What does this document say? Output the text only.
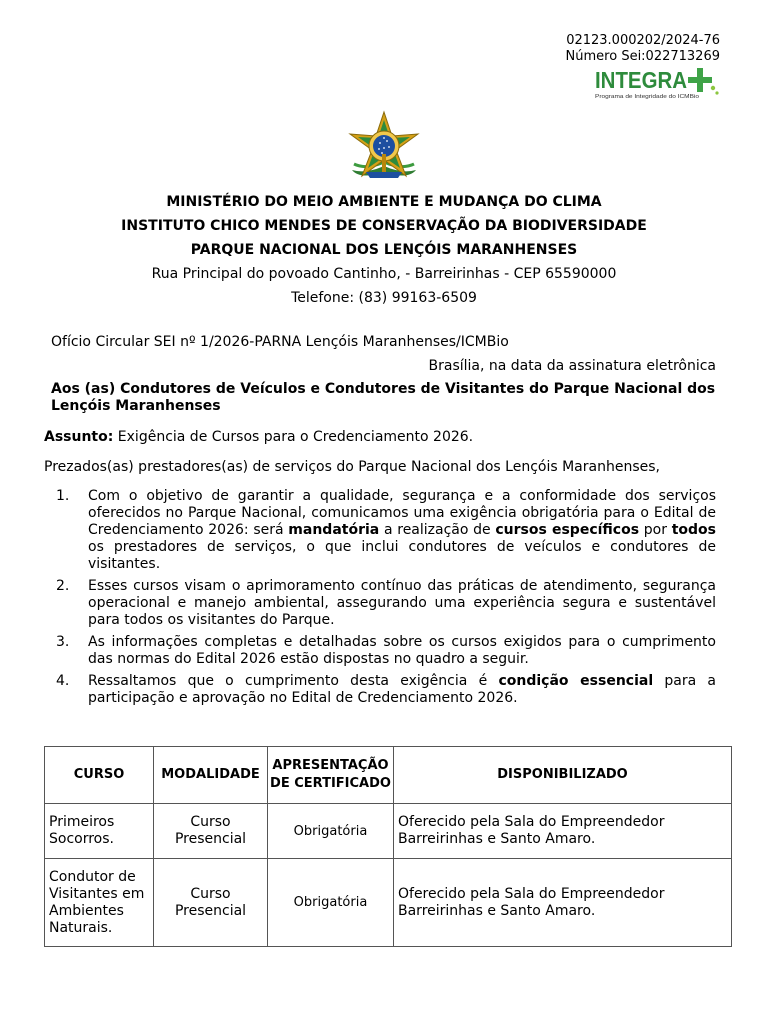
02123.000202/2024-76
Número Sei:022713269
INTEGRA
Programa de Integridade do ICMBio
MINISTÉRIO DO MEIO AMBIENTE E MUDANÇA DO CLIMA
INSTITUTO CHICO MENDES DE CONSERVAÇÃO DA BIODIVERSIDADE
PARQUE NACIONAL DOS LENÇÓIS MARANHENSES
Rua Principal do povoado Cantinho, - Barreirinhas - CEP 65590000
Telefone: (83) 99163-6509
Ofício Circular SEI nº 1/2026-PARNA Lençóis Maranhenses/ICMBio
Brasília, na data da assinatura eletrônica
Aos (as) Condutores de Veículos e Condutores de Visitantes do Parque Nacional dos Lençóis Maranhenses
Assunto: Exigência de Cursos para o Credenciamento 2026.
Prezados(as) prestadores(as) de serviços do Parque Nacional dos Lençóis Maranhenses,
1. Com o objetivo de garantir a qualidade, segurança e a conformidade dos serviços oferecidos no Parque Nacional, comunicamos uma exigência obrigatória para o Edital de Credenciamento 2026: será mandatória a realização de cursos específicos por todos os prestadores de serviços, o que inclui condutores de veículos e condutores de visitantes.
2. Esses cursos visam o aprimoramento contínuo das práticas de atendimento, segurança operacional e manejo ambiental, assegurando uma experiência segura e sustentável para todos os visitantes do Parque.
3. As informações completas e detalhadas sobre os cursos exigidos para o cumprimento das normas do Edital 2026 estão dispostas no quadro a seguir.
4. Ressaltamos que o cumprimento desta exigência é condição essencial para a participação e aprovação no Edital de Credenciamento 2026.
CURSO	MODALIDADE	APRESENTAÇÃO DE CERTIFICADO	DISPONIBILIZADO
Primeiros Socorros.	Curso Presencial	Obrigatória	Oferecido pela Sala do Empreendedor Barreirinhas e Santo Amaro.
Condutor de Visitantes em Ambientes Naturais.	Curso Presencial	Obrigatória	Oferecido pela Sala do Empreendedor Barreirinhas e Santo Amaro.
